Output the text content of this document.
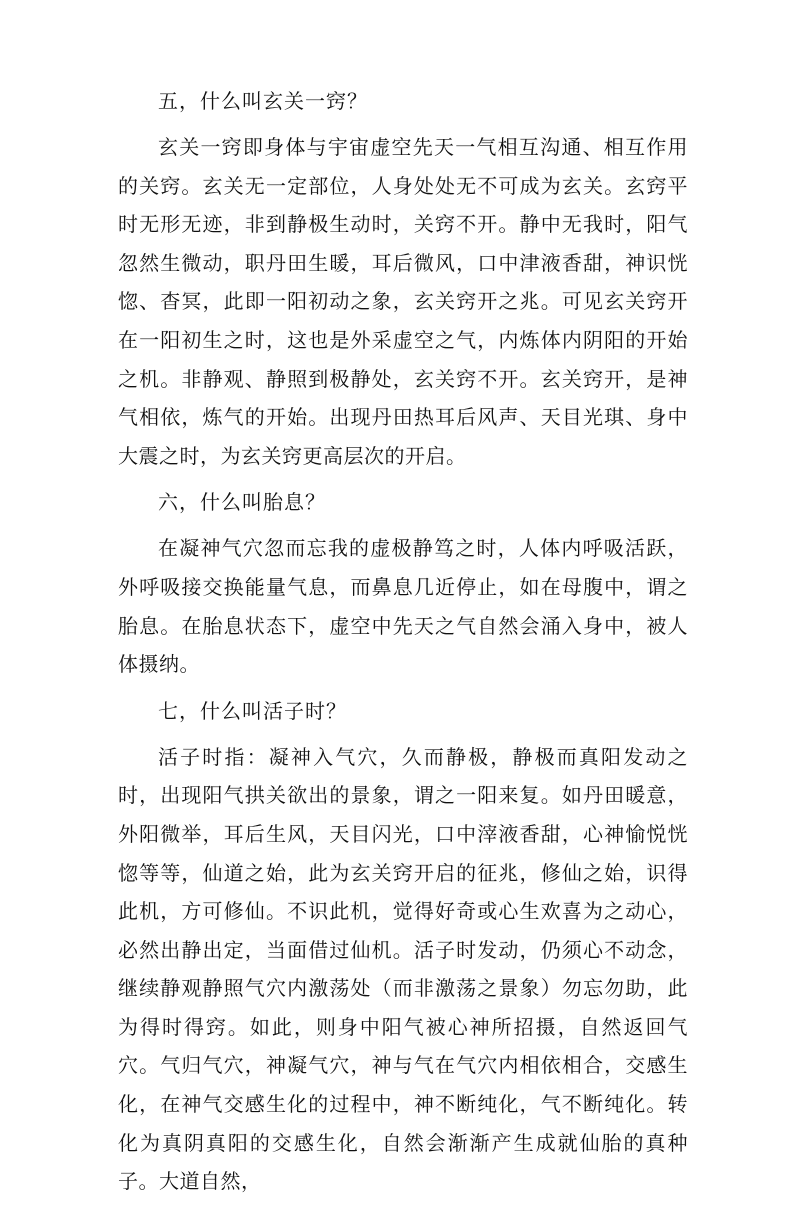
五，什么叫玄关一窍？
玄关一窍即身体与宇宙虚空先天一气相互沟通、相互作用的关窍。玄关无一定部位，人身处处无不可成为玄关。玄窍平时无形无迹，非到静极生动时，关窍不开。静中无我时，阳气忽然生微动，职丹田生暖，耳后微风，口中津液香甜，神识恍惚、杳冥，此即一阳初动之象，玄关窍开之兆。可见玄关窍开在一阳初生之时，这也是外采虚空之气，内炼体内阴阳的开始之机。非静观、静照到极静处，玄关窍不开。玄关窍开，是神气相依，炼气的开始。出现丹田热耳后风声、天目光琪、身中大震之时，为玄关窍更高层次的开启。
六，什么叫胎息？
在凝神气穴忽而忘我的虚极静笃之时，人体内呼吸活跃，外呼吸接交换能量气息，而鼻息几近停止，如在母腹中，谓之胎息。在胎息状态下，虚空中先天之气自然会涌入身中，被人体摄纳。
七，什么叫活子时？
活子时指：凝神入气穴，久而静极，静极而真阳发动之时，出现阳气拱关欲出的景象，谓之一阳来复。如丹田暖意，外阳微举，耳后生风，天目闪光，口中滓液香甜，心神愉悦恍惚等等，仙道之始，此为玄关窍开启的征兆，修仙之始，识得此机，方可修仙。不识此机，觉得好奇或心生欢喜为之动心，必然出静出定，当面借过仙机。活子时发动，仍须心不动念，继续静观静照气穴内激荡处（而非激荡之景象）勿忘勿助，此为得时得窍。如此，则身中阳气被心神所招摄，自然返回气穴。气归气穴，神凝气穴，神与气在气穴内相依相合，交感生化，在神气交感生化的过程中，神不断纯化，气不断纯化。转化为真阴真阳的交感生化，自然会渐渐产生成就仙胎的真种子。大道自然，
